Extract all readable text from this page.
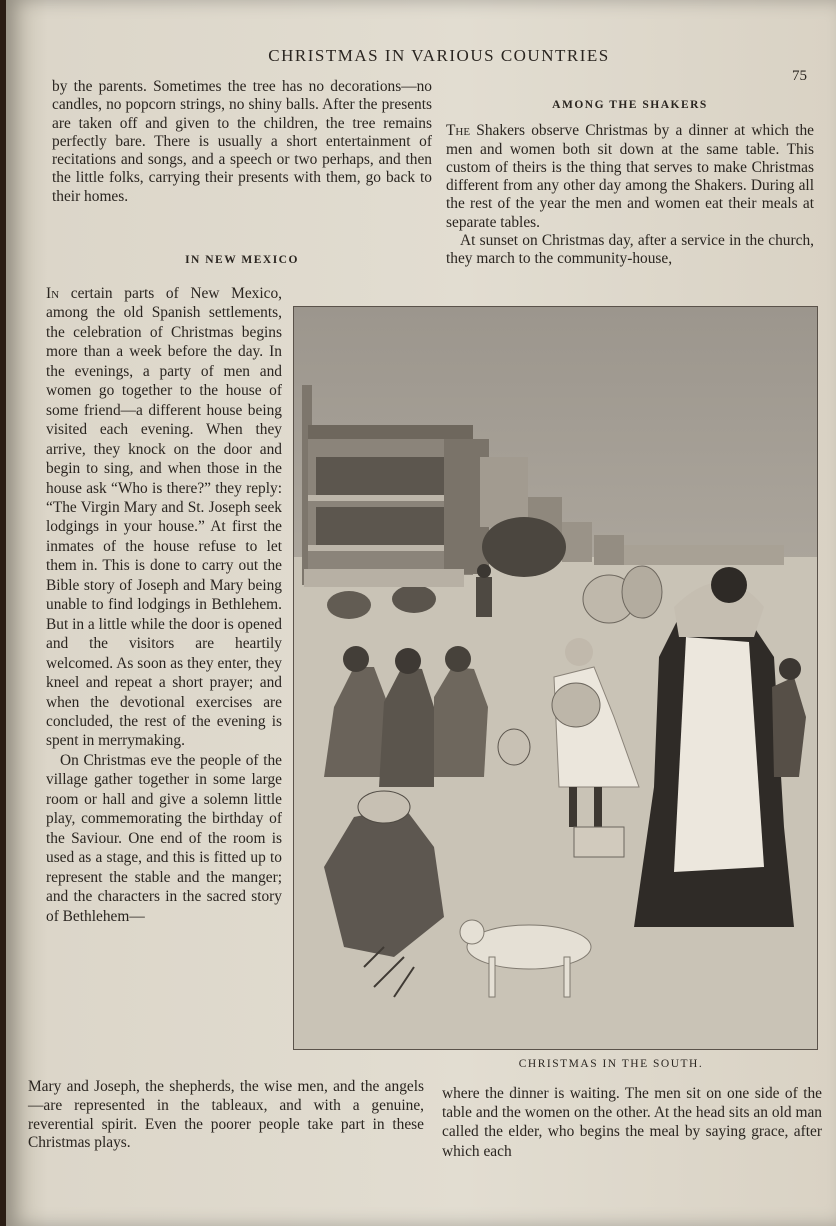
CHRISTMAS IN VARIOUS COUNTRIES
75

by the parents. Sometimes the tree has no decorations—no candles, no popcorn strings, no shiny balls. After the presents are taken off and given to the children, the tree remains perfectly bare. There is usually a short entertainment of recitations and songs, and a speech or two perhaps, and then the little folks, carrying their presents with them, go back to their homes.

IN NEW MEXICO
AMONG THE SHAKERS

The Shakers observe Christmas by a dinner at which the men and women both sit down at the same table. This custom of theirs is the thing that serves to make Christmas different from any other day among the Shakers. During all the rest of the year the men and women eat their meals at separate tables.

At sunset on Christmas day, after a service in the church, they march to the community-house,

In certain parts of New Mexico, among the old Spanish settlements, the celebration of Christmas begins more than a week before the day. In the evenings, a party of men and women go together to the house of some friend—a different house being visited each evening. When they arrive, they knock on the door and begin to sing, and when those in the house ask “Who is there?” they reply: “The Virgin Mary and St. Joseph seek lodgings in your house.” At first the inmates of the house refuse to let them in. This is done to carry out the Bible story of Joseph and Mary being unable to find lodgings in Bethlehem. But in a little while the door is opened and the visitors are heartily welcomed. As soon as they enter, they kneel and repeat a short prayer; and when the devotional exercises are concluded, the rest of the evening is spent in merrymaking.

On Christmas eve the people of the village gather together in some large room or hall and give a solemn little play, commemorating the birthday of the Saviour. One end of the room is used as a stage, and this is fitted up to represent the stable and the manger; and the characters in the sacred story of Bethlehem—

Mary and Joseph, the shepherds, the wise men, and the angels—are represented in the tableaux, and with a genuine, reverential spirit. Even the poorer people take part in these Christmas plays.

where the dinner is waiting. The men sit on one side of the table and the women on the other. At the head sits an old man called the elder, who begins the meal by saying grace, after which each

CHRISTMAS IN THE SOUTH.
